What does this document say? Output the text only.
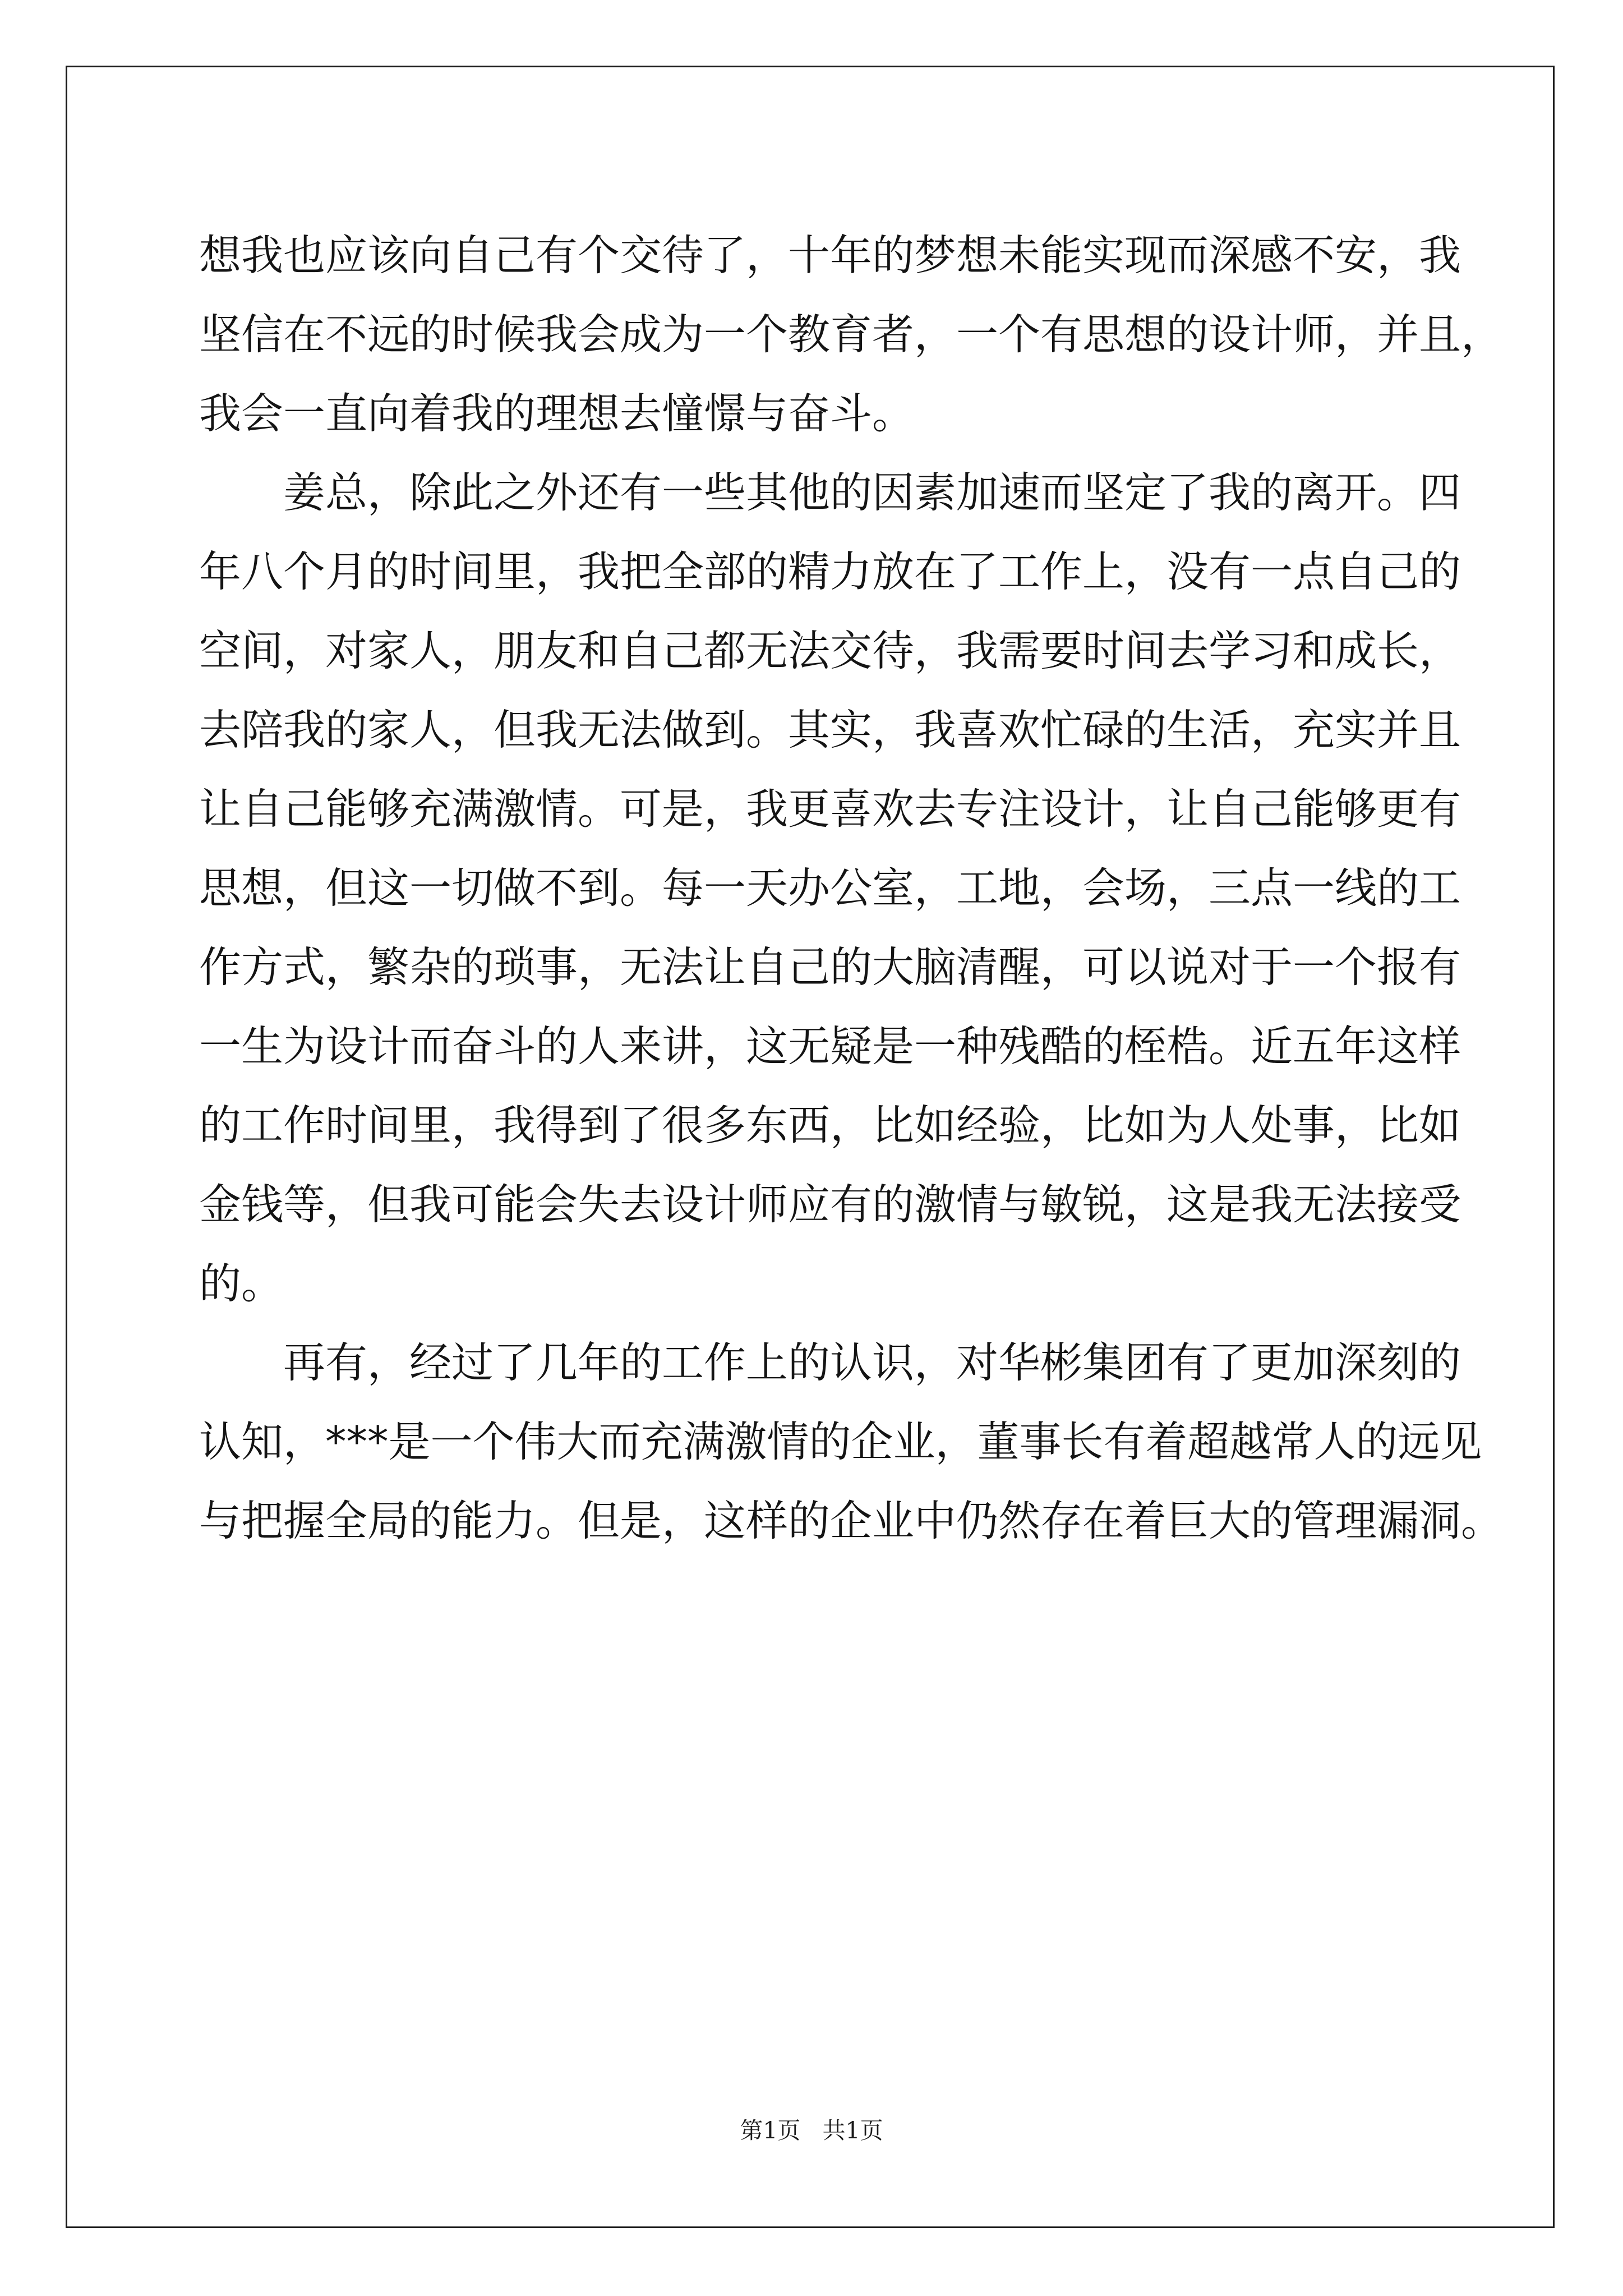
想我也应该向自己有个交待了，十年的梦想未能实现而深感不安，我
坚信在不远的时候我会成为一个教育者，一个有思想的设计师，并且，
我会一直向着我的理想去憧憬与奋斗。
姜总，除此之外还有一些其他的因素加速而坚定了我的离开。四
年八个月的时间里，我把全部的精力放在了工作上，没有一点自己的
空间，对家人，朋友和自己都无法交待，我需要时间去学习和成长，
去陪我的家人，但我无法做到。其实，我喜欢忙碌的生活，充实并且
让自己能够充满激情。可是，我更喜欢去专注设计，让自己能够更有
思想，但这一切做不到。每一天办公室，工地，会场，三点一线的工
作方式，繁杂的琐事，无法让自己的大脑清醒，可以说对于一个报有
一生为设计而奋斗的人来讲，这无疑是一种残酷的桎梏。近五年这样
的工作时间里，我得到了很多东西，比如经验，比如为人处事，比如
金钱等，但我可能会失去设计师应有的激情与敏锐，这是我无法接受
的。
再有，经过了几年的工作上的认识，对华彬集团有了更加深刻的
认知，***是一个伟大而充满激情的企业，董事长有着超越常人的远见
与把握全局的能力。但是，这样的企业中仍然存在着巨大的管理漏洞。
第1页 共1页
